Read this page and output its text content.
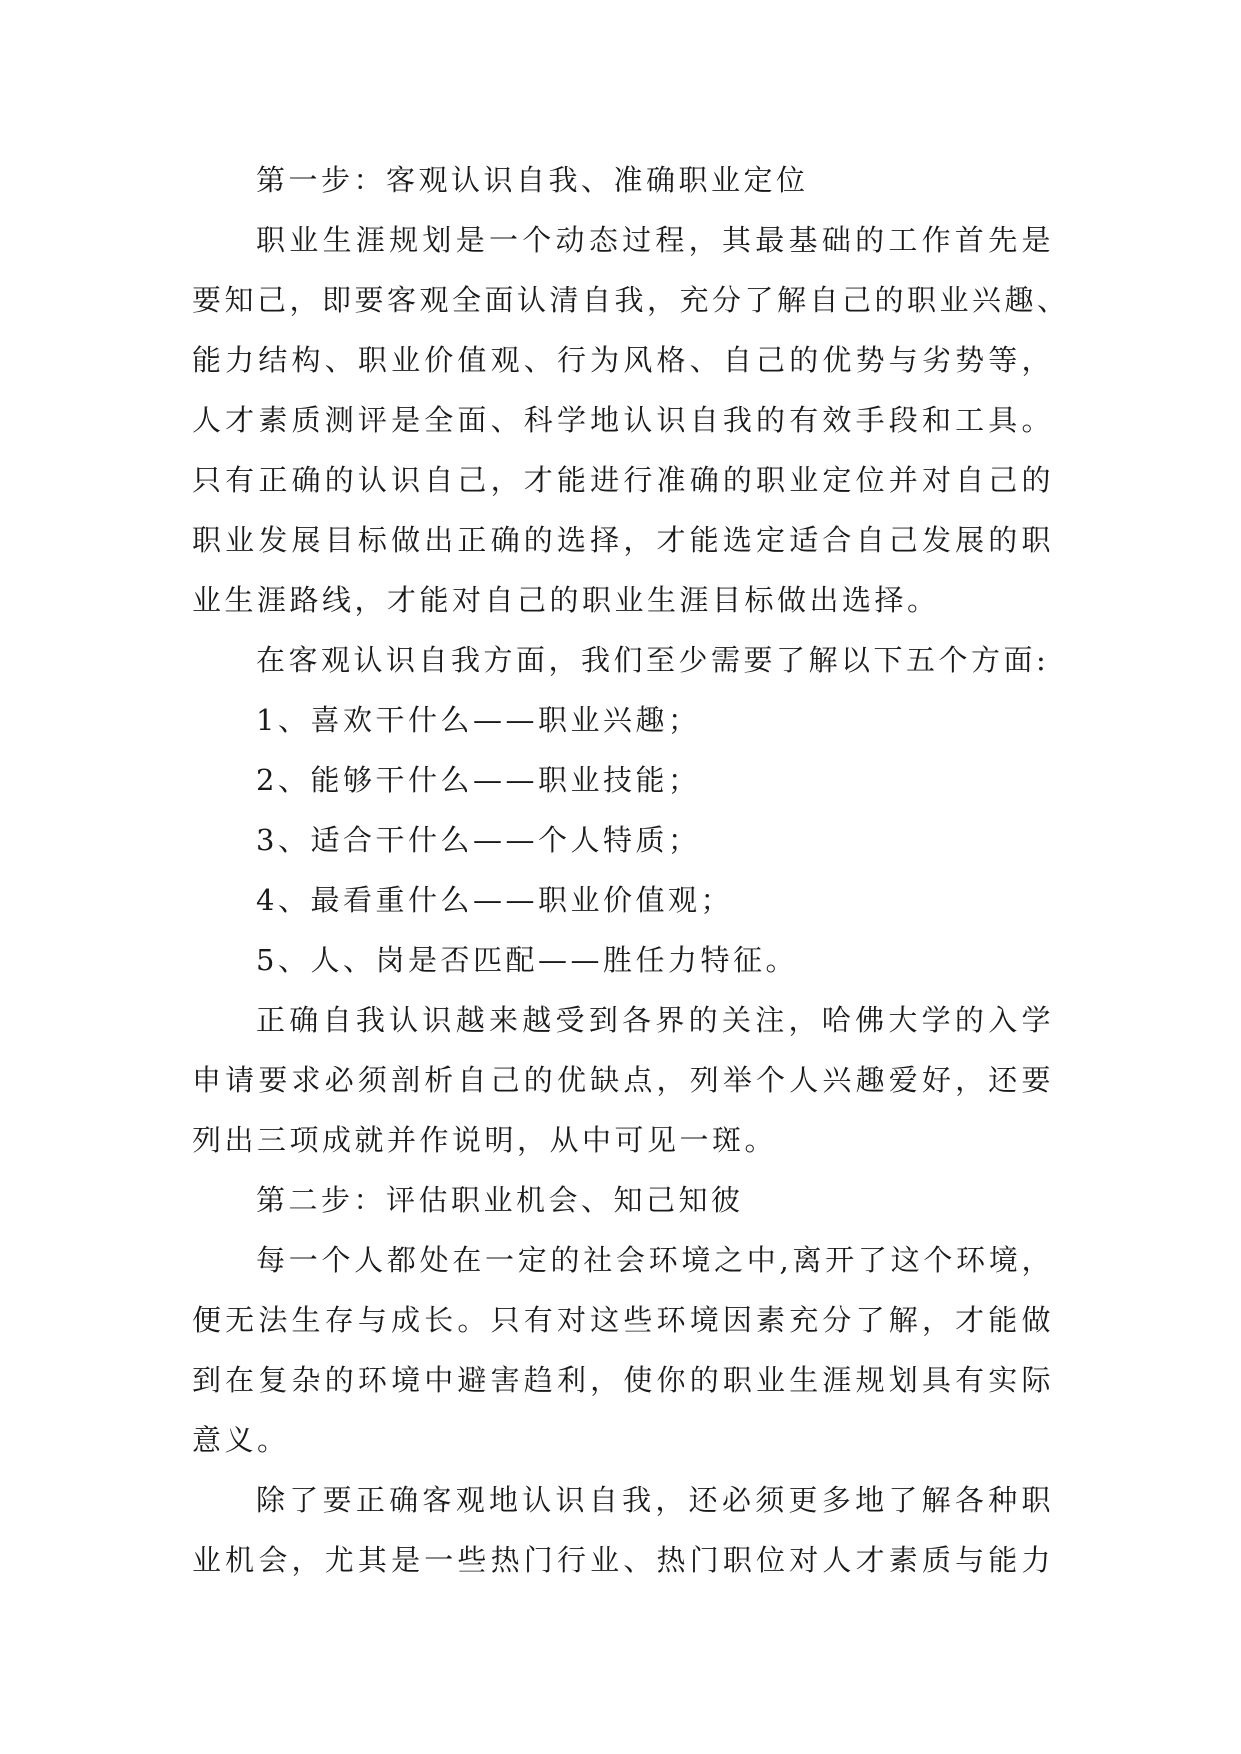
第一步：客观认识自我、准确职业定位
职业生涯规划是一个动态过程，其最基础的工作首先是
要知己，即要客观全面认清自我，充分了解自己的职业兴趣、
能力结构、职业价值观、行为风格、自己的优势与劣势等，
人才素质测评是全面、科学地认识自我的有效手段和工具。
只有正确的认识自己，才能进行准确的职业定位并对自己的
职业发展目标做出正确的选择，才能选定适合自己发展的职
业生涯路线，才能对自己的职业生涯目标做出选择。
在客观认识自我方面，我们至少需要了解以下五个方面:
1、喜欢干什么——职业兴趣；
2、能够干什么——职业技能；
3、适合干什么——个人特质；
4、最看重什么——职业价值观；
5、人、岗是否匹配——胜任力特征。
正确自我认识越来越受到各界的关注，哈佛大学的入学
申请要求必须剖析自己的优缺点，列举个人兴趣爱好，还要
列出三项成就并作说明，从中可见一斑。
第二步：评估职业机会、知己知彼
每一个人都处在一定的社会环境之中,离开了这个环境，
便无法生存与成长。只有对这些环境因素充分了解，才能做
到在复杂的环境中避害趋利，使你的职业生涯规划具有实际
意义。
除了要正确客观地认识自我，还必须更多地了解各种职
业机会，尤其是一些热门行业、热门职位对人才素质与能力
